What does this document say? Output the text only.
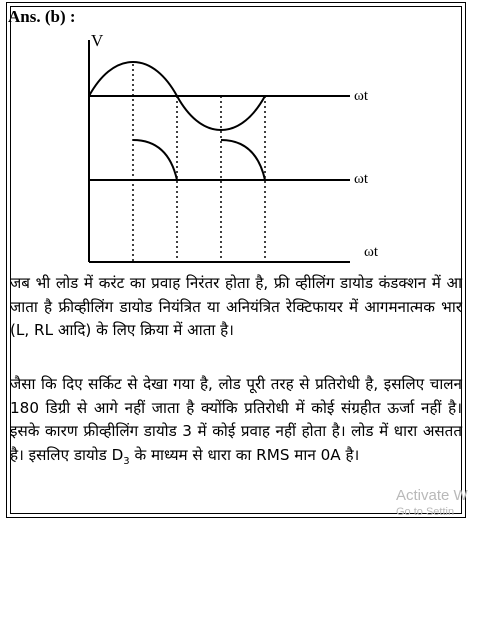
Ans. (b) :
V
ωt
ωt
ωt
जब भी लोड में करंट का प्रवाह निरंतर होता है, फ्री व्हीलिंग डायोड कंडक्शन में आ जाता है फ्रीव्हीलिंग डायोड नियंत्रित या अनियंत्रित रेक्टिफायर में आगमनात्मक भार (L, RL आदि) के लिए क्रिया में आता है।
जैसा कि दिए सर्किट से देखा गया है, लोड पूरी तरह से प्रतिरोधी है, इसलिए चालन 180 डिग्री से आगे नहीं जाता है क्योंकि प्रतिरोधी में कोई संग्रहीत ऊर्जा नहीं है। इसके कारण फ्रीव्हीलिंग डायोड 3 में कोई प्रवाह नहीं होता है। लोड में धारा असतत है। इसलिए डायोड $D_3$ के माध्यम से धारा का RMS मान 0A है।
Activate W
Go to Settin
